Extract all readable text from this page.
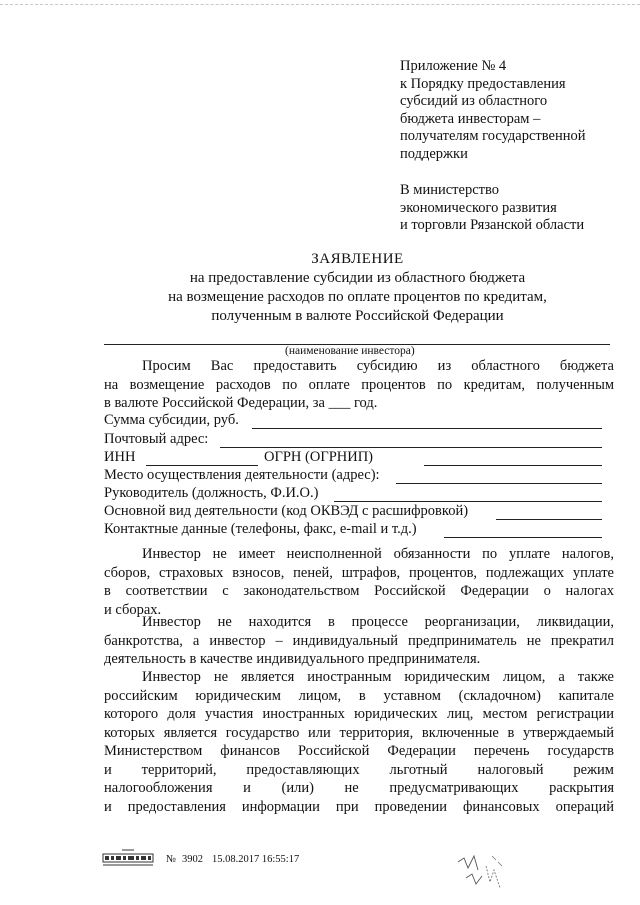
Приложение № 4
к Порядку предоставления
субсидий из областного
бюджета инвесторам –
получателям государственной
поддержки
В министерство
экономического развития
и торговли Рязанской области
ЗАЯВЛЕНИЕ
на предоставление субсидии из областного бюджета
на возмещение расходов по оплате процентов по кредитам,
полученным в валюте Российской Федерации
(наименование инвестора)
Просим Вас предоставить субсидию из областного бюджета
на возмещение расходов по оплате процентов по кредитам, полученным
в валюте Российской Федерации, за ___ год.
Сумма субсидии, руб.
Почтовый адрес:
ИНН	ОГРН (ОГРНИП)
Место осуществления деятельности (адрес):
Руководитель (должность, Ф.И.О.)
Основной вид деятельности (код ОКВЭД с расшифровкой)
Контактные данные (телефоны, факс, e-mail и т.д.)
Инвестор не имеет неисполненной обязанности по уплате налогов,
сборов, страховых взносов, пеней, штрафов, процентов, подлежащих уплате
в соответствии с законодательством Российской Федерации о налогах
и сборах.
Инвестор не находится в процессе реорганизации, ликвидации,
банкротства, а инвестор – индивидуальный предприниматель не прекратил
деятельность в качестве индивидуального предпринимателя.
Инвестор не является иностранным юридическим лицом, а также
российским юридическим лицом, в уставном (складочном) капитале
которого доля участия иностранных юридических лиц, местом регистрации
которых является государство или территория, включенные в утверждаемый
Министерством финансов Российской Федерации перечень государств
и территорий, предоставляющих льготный налоговый режим
налогообложения и (или) не предусматривающих раскрытия
и предоставления информации при проведении финансовых операций
№ 3902 15.08.2017 16:55:17
